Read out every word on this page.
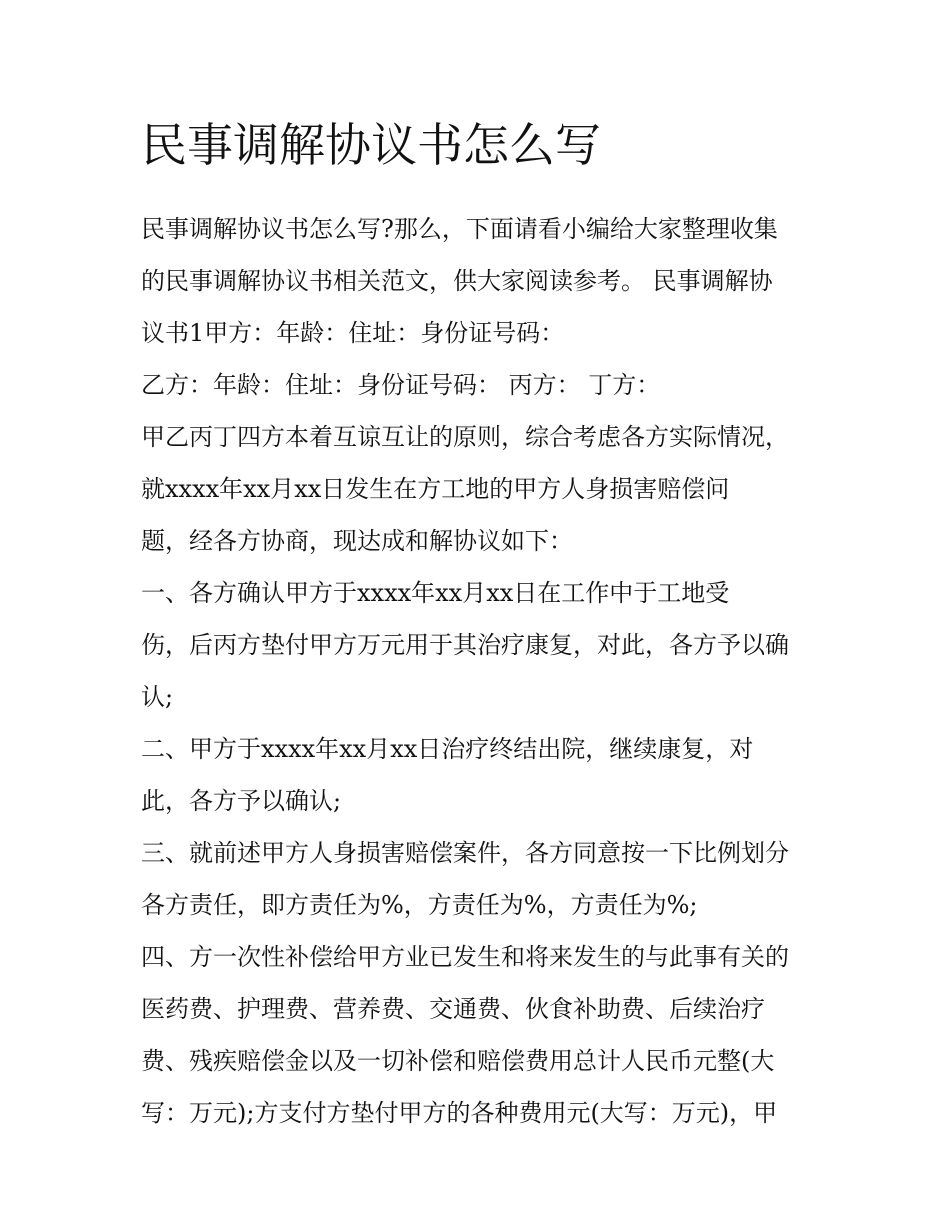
民事调解协议书怎么写
民事调解协议书怎么写?那么，下面请看小编给大家整理收集
的民事调解协议书相关范文，供大家阅读参考。 民事调解协
议书1甲方：年龄：住址：身份证号码：
乙方：年龄：住址：身份证号码： 丙方： 丁方：
甲乙丙丁四方本着互谅互让的原则，综合考虑各方实际情况，
就xxxx年xx月xx日发生在方工地的甲方人身损害赔偿问
题，经各方协商，现达成和解协议如下：
一、各方确认甲方于xxxx年xx月xx日在工作中于工地受
伤，后丙方垫付甲方万元用于其治疗康复，对此，各方予以确
认;
二、甲方于xxxx年xx月xx日治疗终结出院，继续康复，对
此，各方予以确认;
三、就前述甲方人身损害赔偿案件，各方同意按一下比例划分
各方责任，即方责任为%，方责任为%，方责任为%;
四、方一次性补偿给甲方业已发生和将来发生的与此事有关的
医药费、护理费、营养费、交通费、伙食补助费、后续治疗
费、残疾赔偿金以及一切补偿和赔偿费用总计人民币元整(大
写：万元);方支付方垫付甲方的各种费用元(大写：万元)，甲
